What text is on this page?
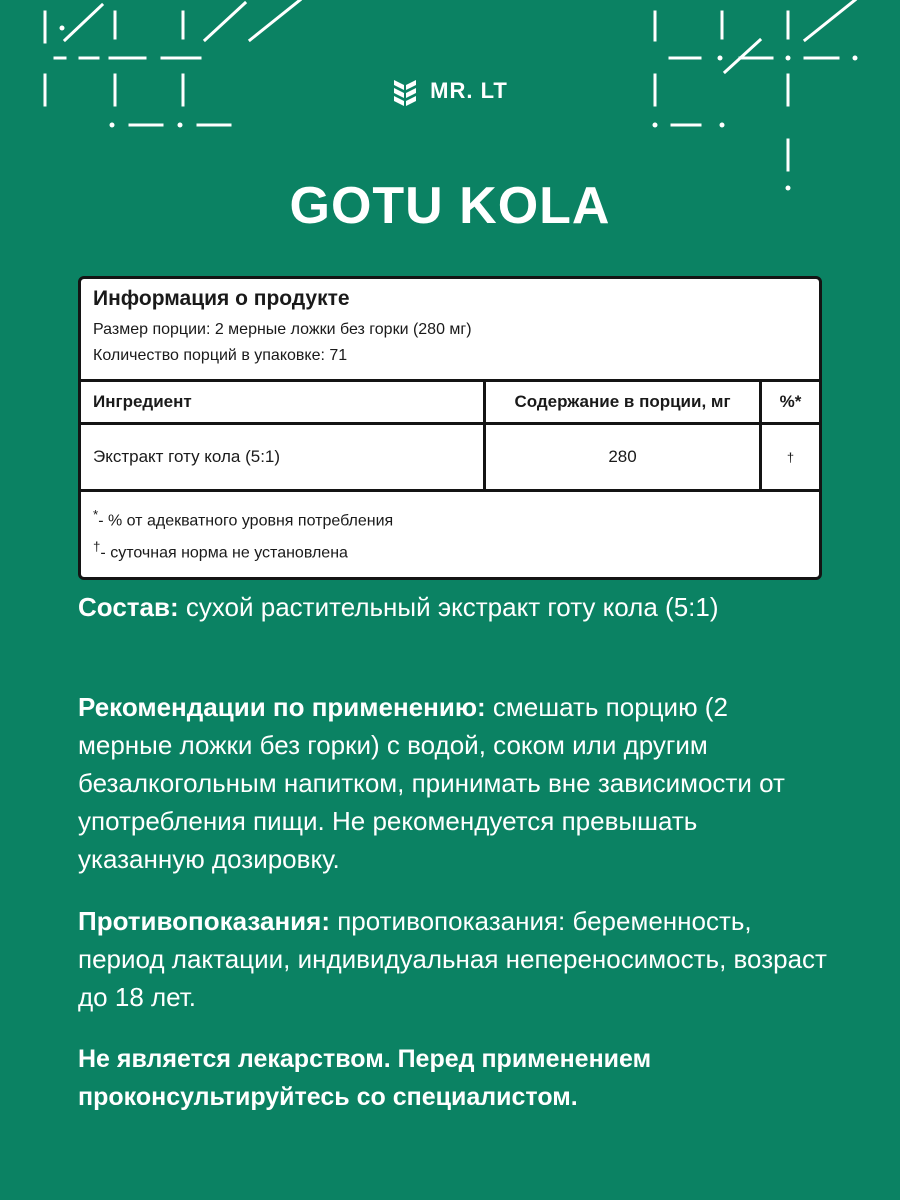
MR. LT
GOTU KOLA
Информация о продукте
Размер порции: 2 мерные ложки без горки (280 мг)
Количество порций в упаковке: 71
Ингредиент	Содержание в порции, мг	%*
Экстракт готу кола (5:1)	280	†
*- % от адекватного уровня потребления
†- суточная норма не установлена

Состав: сухой растительный экстракт готу кола (5:1)

Рекомендации по применению: смешать порцию (2 мерные ложки без горки) с водой, соком или другим безалкогольным напитком, принимать вне зависимости от употребления пищи. Не рекомендуется превышать указанную дозировку.

Противопоказания: противопоказания: беременность, период лактации, индивидуальная непереносимость, возраст до 18 лет.

Не является лекарством. Перед применением проконсультируйтесь со специалистом.
